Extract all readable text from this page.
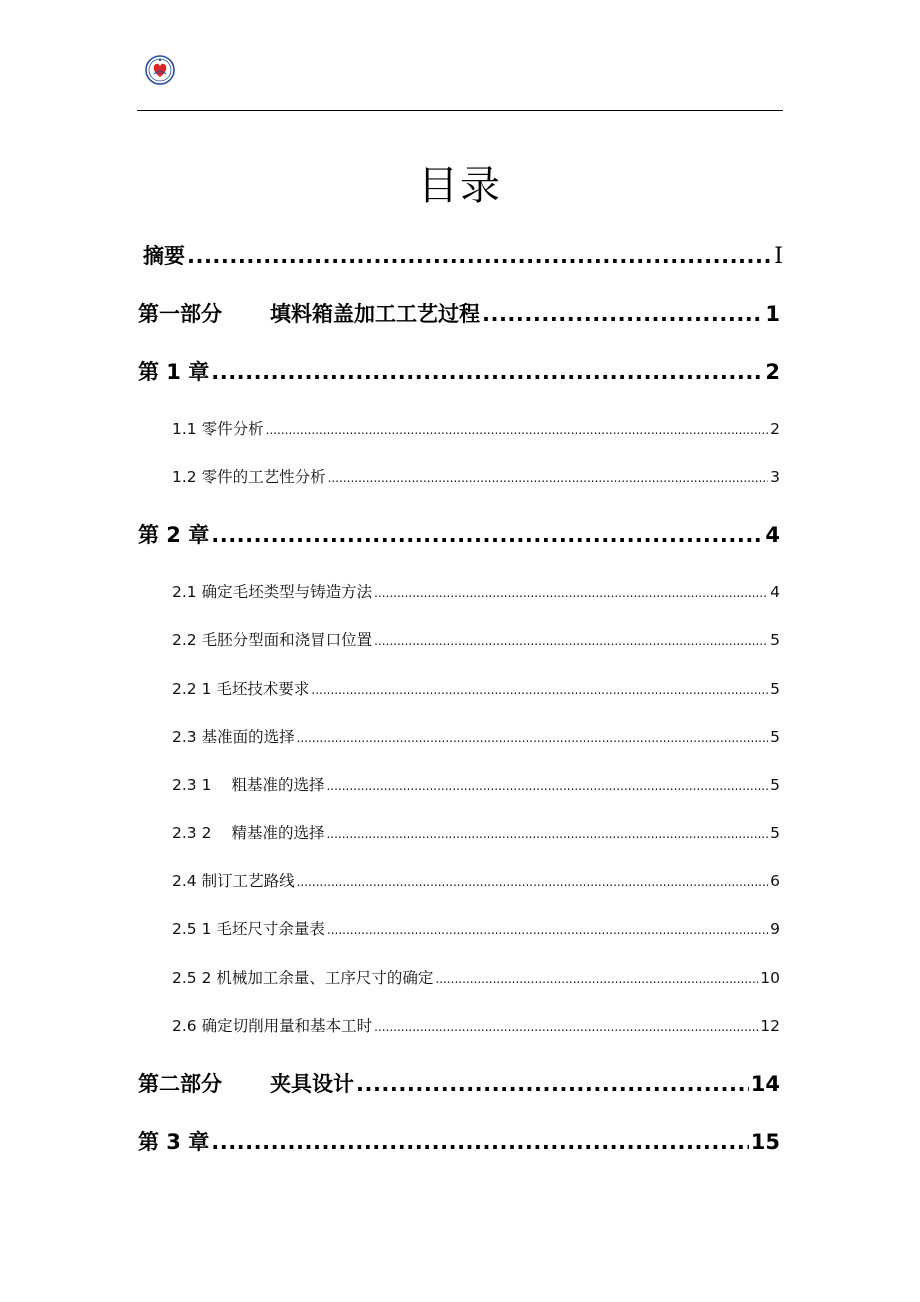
目录
摘要 .....	I
第一部分 填料箱盖加工工艺过程 .....	1
第 1 章 .....	2
1.1 零件分析 .....	2
1.2 零件的工艺性分析 .....	3
第 2 章 .....	4
2.1 确定毛坯类型与铸造方法 .....	4
2.2 毛胚分型面和浇冒口位置 .....	5
2.2 1 毛坯技术要求 .....	5
2.3 基准面的选择 .....	5
2.3 1 粗基准的选择 .....	5
2.3 2 精基准的选择 .....	5
2.4 制订工艺路线 .....	6
2.5 1 毛坯尺寸余量表 .....	9
2.5 2 机械加工余量、工序尺寸的确定 .....	10
2.6 确定切削用量和基本工时 .....	12
第二部分 夹具设计 .....	14
第 3 章 .....	15
